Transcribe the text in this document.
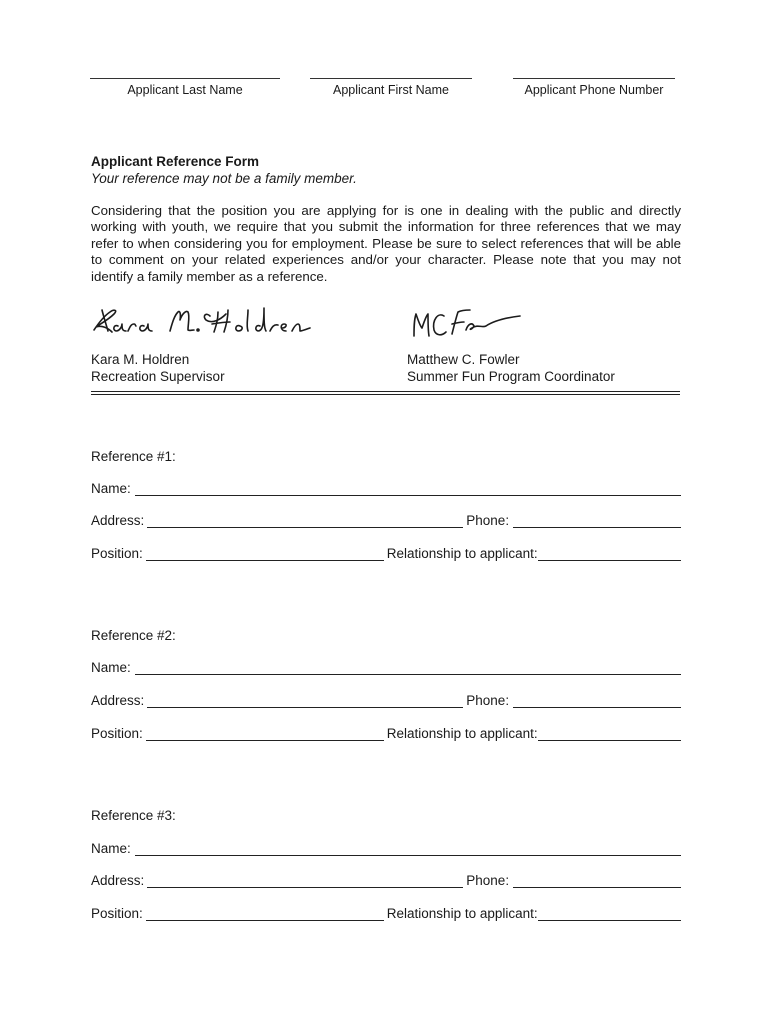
Applicant Last Name	Applicant First Name	Applicant Phone Number
Applicant Reference Form
Your reference may not be a family member.
Considering that the position you are applying for is one in dealing with the public and directly working with youth, we require that you submit the information for three references that we may refer to when considering you for employment. Please be sure to select references that will be able to comment on your related experiences and/or your character. Please note that you may not identify a family member as a reference.
Kara M. Holdren
Recreation Supervisor
Matthew C. Fowler
Summer Fun Program Coordinator
Reference #1:
Name:
Address:	Phone:
Position:	Relationship to applicant:
Reference #2:
Name:
Address:	Phone:
Position:	Relationship to applicant:
Reference #3:
Name:
Address:	Phone:
Position:	Relationship to applicant:
